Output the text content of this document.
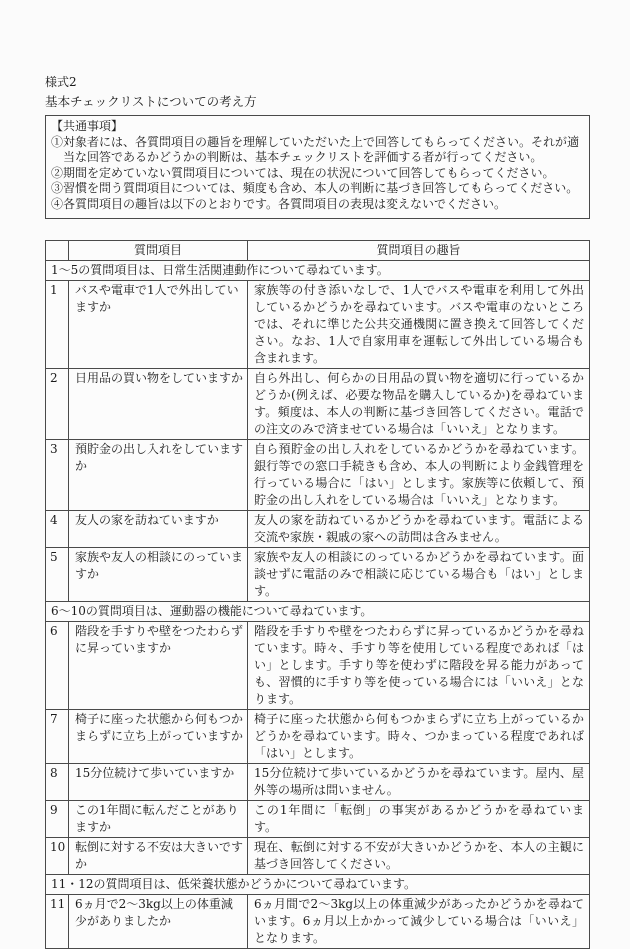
様式2
基本チェックリストについての考え方
【共通事項】
①対象者には、各質問項目の趣旨を理解していただいた上で回答してもらってください。それが適当な回答であるかどうかの判断は、基本チェックリストを評価する者が行ってください。
②期間を定めていない質問項目については、現在の状況について回答してもらってください。
③習慣を問う質問項目については、頻度も含め、本人の判断に基づき回答してもらってください。
④各質問項目の趣旨は以下のとおりです。各質問項目の表現は変えないでください。
	質問項目	質問項目の趣旨
1〜5の質問項目は、日常生活関連動作について尋ねています。		
1	バスや電車で1人で外出していますか	家族等の付き添いなしで、1人でバスや電車を利用して外出しているかどうかを尋ねています。バスや電車のないところでは、それに準じた公共交通機関に置き換えて回答してください。なお、1人で自家用車を運転して外出している場合も含まれます。
2	日用品の買い物をしていますか	自ら外出し、何らかの日用品の買い物を適切に行っているかどうか(例えば、必要な物品を購入しているか)を尋ねています。頻度は、本人の判断に基づき回答してください。電話での注文のみで済ませている場合は「いいえ」となります。
3	預貯金の出し入れをしていますか	自ら預貯金の出し入れをしているかどうかを尋ねています。銀行等での窓口手続きも含め、本人の判断により金銭管理を行っている場合に「はい」とします。家族等に依頼して、預貯金の出し入れをしている場合は「いいえ」となります。
4	友人の家を訪ねていますか	友人の家を訪ねているかどうかを尋ねています。電話による交流や家族・親戚の家への訪問は含みません。
5	家族や友人の相談にのっていますか	家族や友人の相談にのっているかどうかを尋ねています。面談せずに電話のみで相談に応じている場合も「はい」とします。
6〜10の質問項目は、運動器の機能について尋ねています。		
6	階段を手すりや壁をつたわらずに昇っていますか	階段を手すりや壁をつたわらずに昇っているかどうかを尋ねています。時々、手すり等を使用している程度であれば「はい」とします。手すり等を使わずに階段を昇る能力があっても、習慣的に手すり等を使っている場合には「いいえ」となります。
7	椅子に座った状態から何もつかまらずに立ち上がっていますか	椅子に座った状態から何もつかまらずに立ち上がっているかどうかを尋ねています。時々、つかまっている程度であれば「はい」とします。
8	15分位続けて歩いていますか	15分位続けて歩いているかどうかを尋ねています。屋内、屋外等の場所は問いません。
9	この1年間に転んだことがありますか	この1年間に「転倒」の事実があるかどうかを尋ねています。
10	転倒に対する不安は大きいですか	現在、転倒に対する不安が大きいかどうかを、本人の主観に基づき回答してください。
11・12の質問項目は、低栄養状態かどうかについて尋ねています。		
11	6ヵ月で2〜3kg以上の体重減少がありましたか	6ヵ月間で2〜3kg以上の体重減少があったかどうかを尋ねています。6ヵ月以上かかって減少している場合は「いいえ」となります。
